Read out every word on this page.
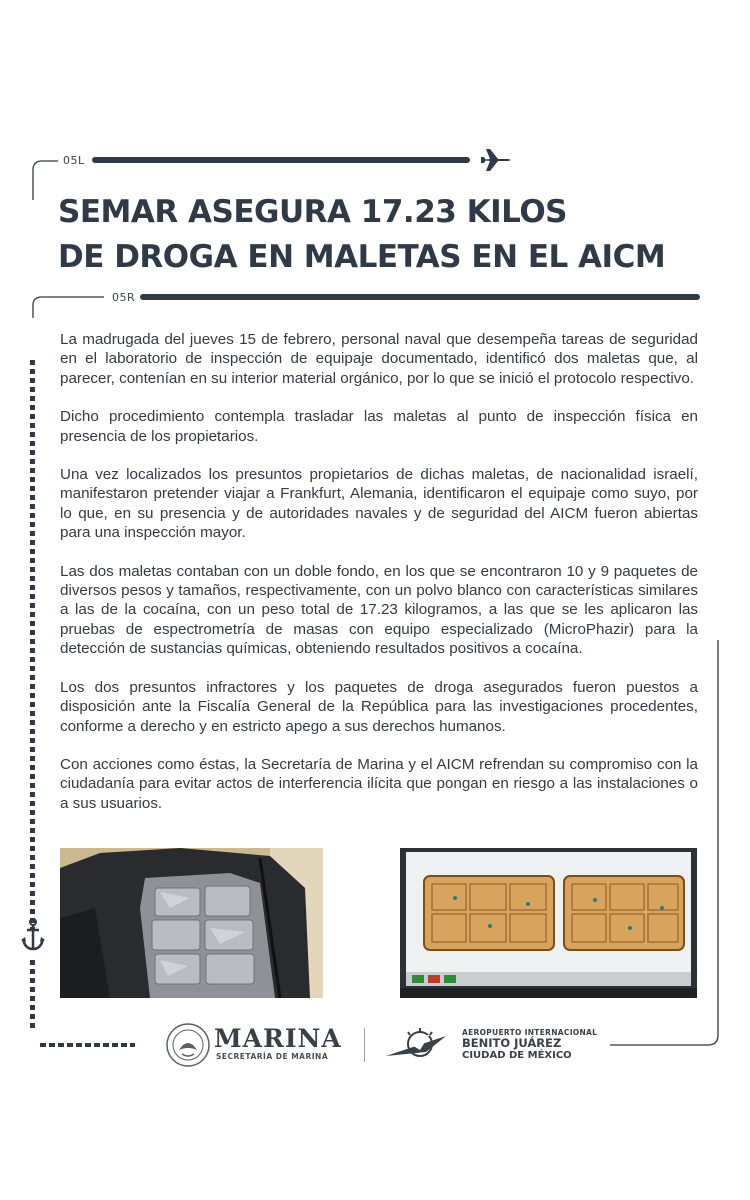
05L
SEMAR ASEGURA 17.23 KILOS
DE DROGA EN MALETAS EN EL AICM
05R

La madrugada del jueves 15 de febrero, personal naval que desempeña tareas de seguridad en el laboratorio de inspección de equipaje documentado, identificó dos maletas que, al parecer, contenían en su interior material orgánico, por lo que se inició el protocolo respectivo.

Dicho procedimiento contempla trasladar las maletas al punto de inspección física en presencia de los propietarios.

Una vez localizados los presuntos propietarios de dichas maletas, de nacionalidad israelí, manifestaron pretender viajar a Frankfurt, Alemania, identificaron el equipaje como suyo, por lo que, en su presencia y de autoridades navales y de seguridad del AICM fueron abiertas para una inspección mayor.

Las dos maletas contaban con un doble fondo, en los que se encontraron 10 y 9 paquetes de diversos pesos y tamaños, respectivamente, con un polvo blanco con características similares a las de la cocaína, con un peso total de 17.23 kilogramos, a las que se les aplicaron las pruebas de espectrometría de masas con equipo especializado (MicroPhazir) para la detección de sustancias químicas, obteniendo resultados positivos a cocaína.

Los dos presuntos infractores y los paquetes de droga asegurados fueron puestos a disposición ante la Fiscalía General de la República para las investigaciones procedentes, conforme a derecho y en estricto apego a sus derechos humanos.

Con acciones como éstas, la Secretaría de Marina y el AICM refrendan su compromiso con la ciudadanía para evitar actos de interferencia ilícita que pongan en riesgo a las instalaciones o a sus usuarios.

MARINA
SECRETARÍA DE MARINA
AEROPUERTO INTERNACIONAL
BENITO JUÁREZ
CIUDAD DE MÉXICO
